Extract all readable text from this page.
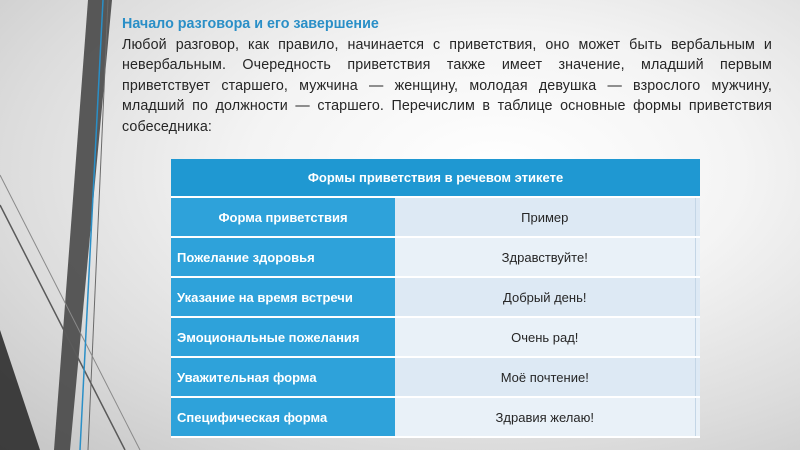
Начало разговора и его завершение

Любой разговор, как правило, начинается с приветствия, оно может быть вербальным и невербальным. Очередность приветствия также имеет значение, младший первым приветствует старшего, мужчина — женщину, молодая девушка — взрослого мужчину, младший по должности — старшего. Перечислим в таблице основные формы приветствия собеседника:

Формы приветствия в речевом этикете		
Форма приветствия	Пример	
Пожелание здоровья	Здравствуйте!	
Указание на время встречи	Добрый день!	
Эмоциональные пожелания	Очень рад!	
Уважительная форма	Моё почтение!	
Специфическая форма	Здравия желаю!	
